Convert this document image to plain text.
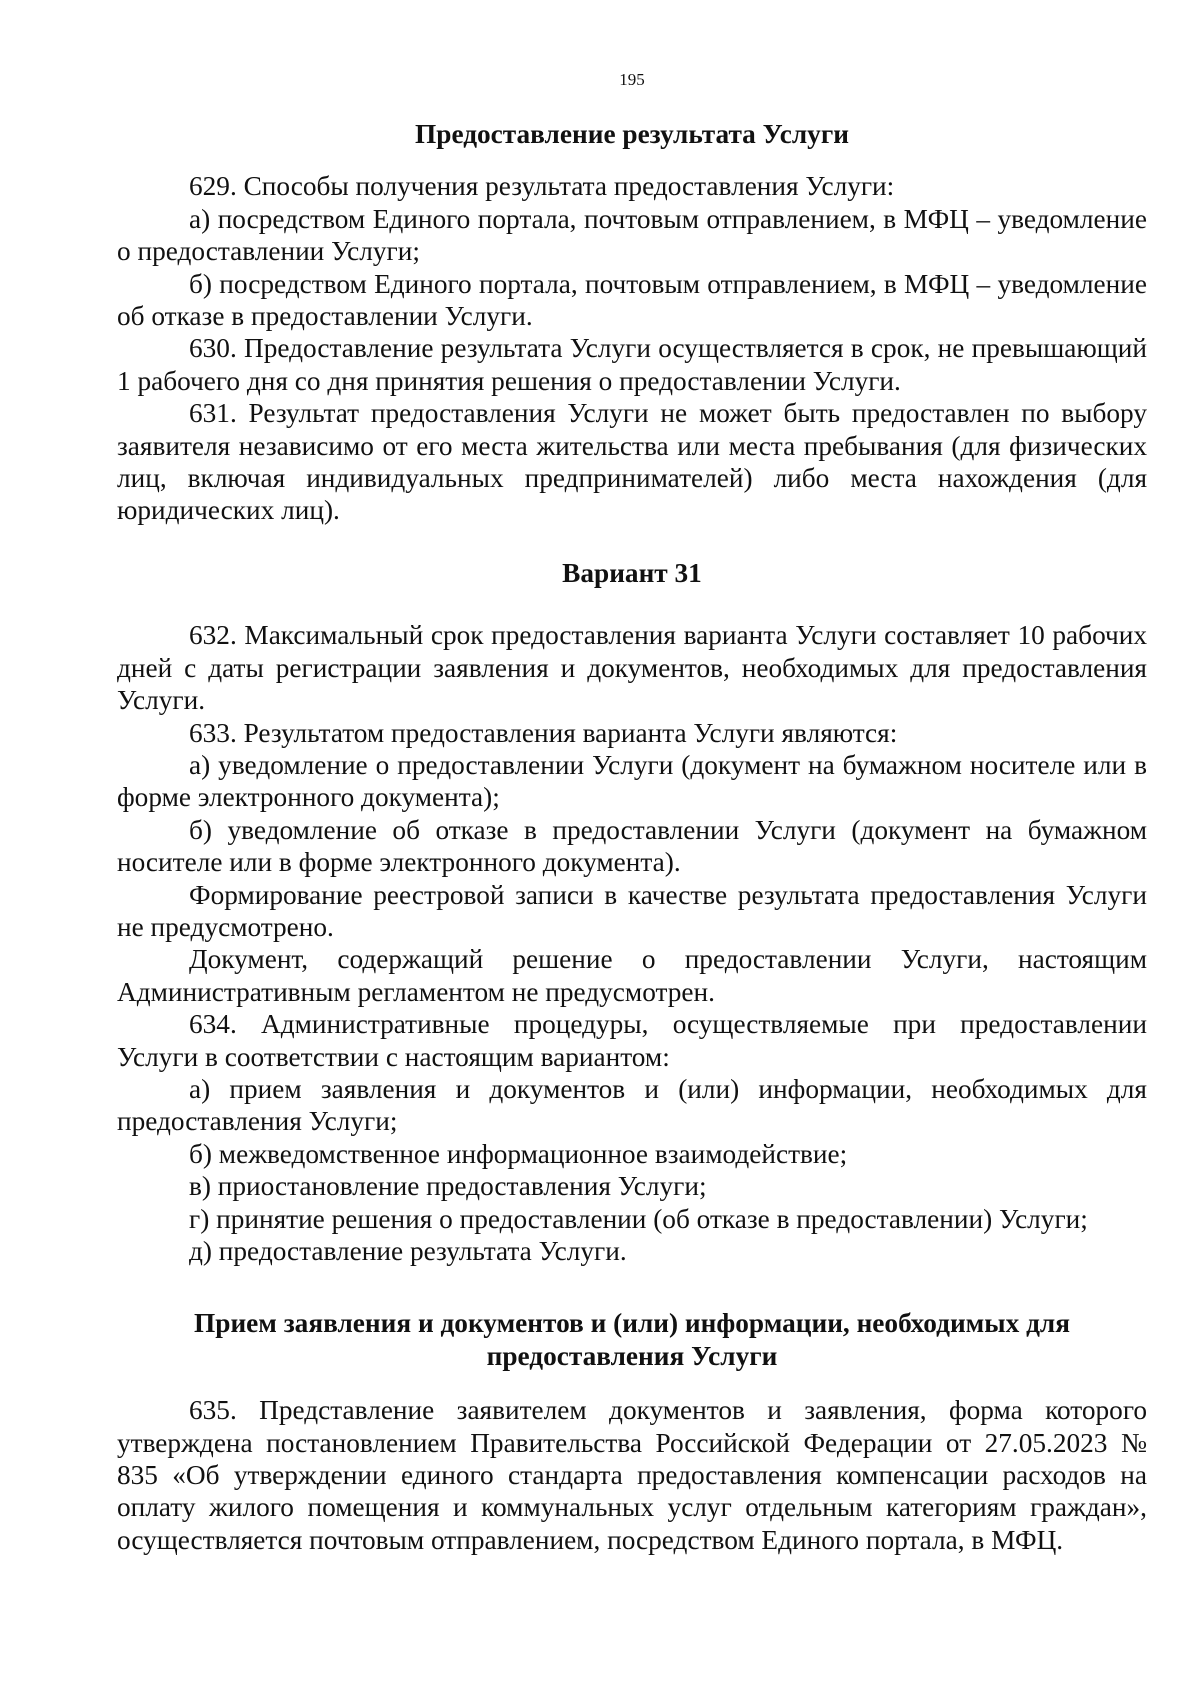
195
Предоставление результата Услуги

629. Способы получения результата предоставления Услуги:

а) посредством Единого портала, почтовым отправлением, в МФЦ – уведомление о предоставлении Услуги;

б) посредством Единого портала, почтовым отправлением, в МФЦ – уведомление об отказе в предоставлении Услуги.

630. Предоставление результата Услуги осуществляется в срок, не превышающий 1 рабочего дня со дня принятия решения о предоставлении Услуги.

631. Результат предоставления Услуги не может быть предоставлен по выбору заявителя независимо от его места жительства или места пребывания (для физических лиц, включая индивидуальных предпринимателей) либо места нахождения (для юридических лиц).

Вариант 31

632. Максимальный срок предоставления варианта Услуги составляет 10 рабочих дней с даты регистрации заявления и документов, необходимых для предоставления Услуги.

633. Результатом предоставления варианта Услуги являются:

а) уведомление о предоставлении Услуги (документ на бумажном носителе или в форме электронного документа);

б) уведомление об отказе в предоставлении Услуги (документ на бумажном носителе или в форме электронного документа).

Формирование реестровой записи в качестве результата предоставления Услуги не предусмотрено.

Документ, содержащий решение о предоставлении Услуги, настоящим Административным регламентом не предусмотрен.

634. Административные процедуры, осуществляемые при предоставлении Услуги в соответствии с настоящим вариантом:

а) прием заявления и документов и (или) информации, необходимых для предоставления Услуги;

б) межведомственное информационное взаимодействие;

в) приостановление предоставления Услуги;

г) принятие решения о предоставлении (об отказе в предоставлении) Услуги;

д) предоставление результата Услуги.

Прием заявления и документов и (или) информации, необходимых для
предоставления Услуги

635. Представление заявителем документов и заявления, форма которого утверждена постановлением Правительства Российской Федерации от 27.05.2023 № 835 «Об утверждении единого стандарта предоставления компенсации расходов на оплату жилого помещения и коммунальных услуг отдельным категориям граждан», осуществляется почтовым отправлением, посредством Единого портала, в МФЦ.
